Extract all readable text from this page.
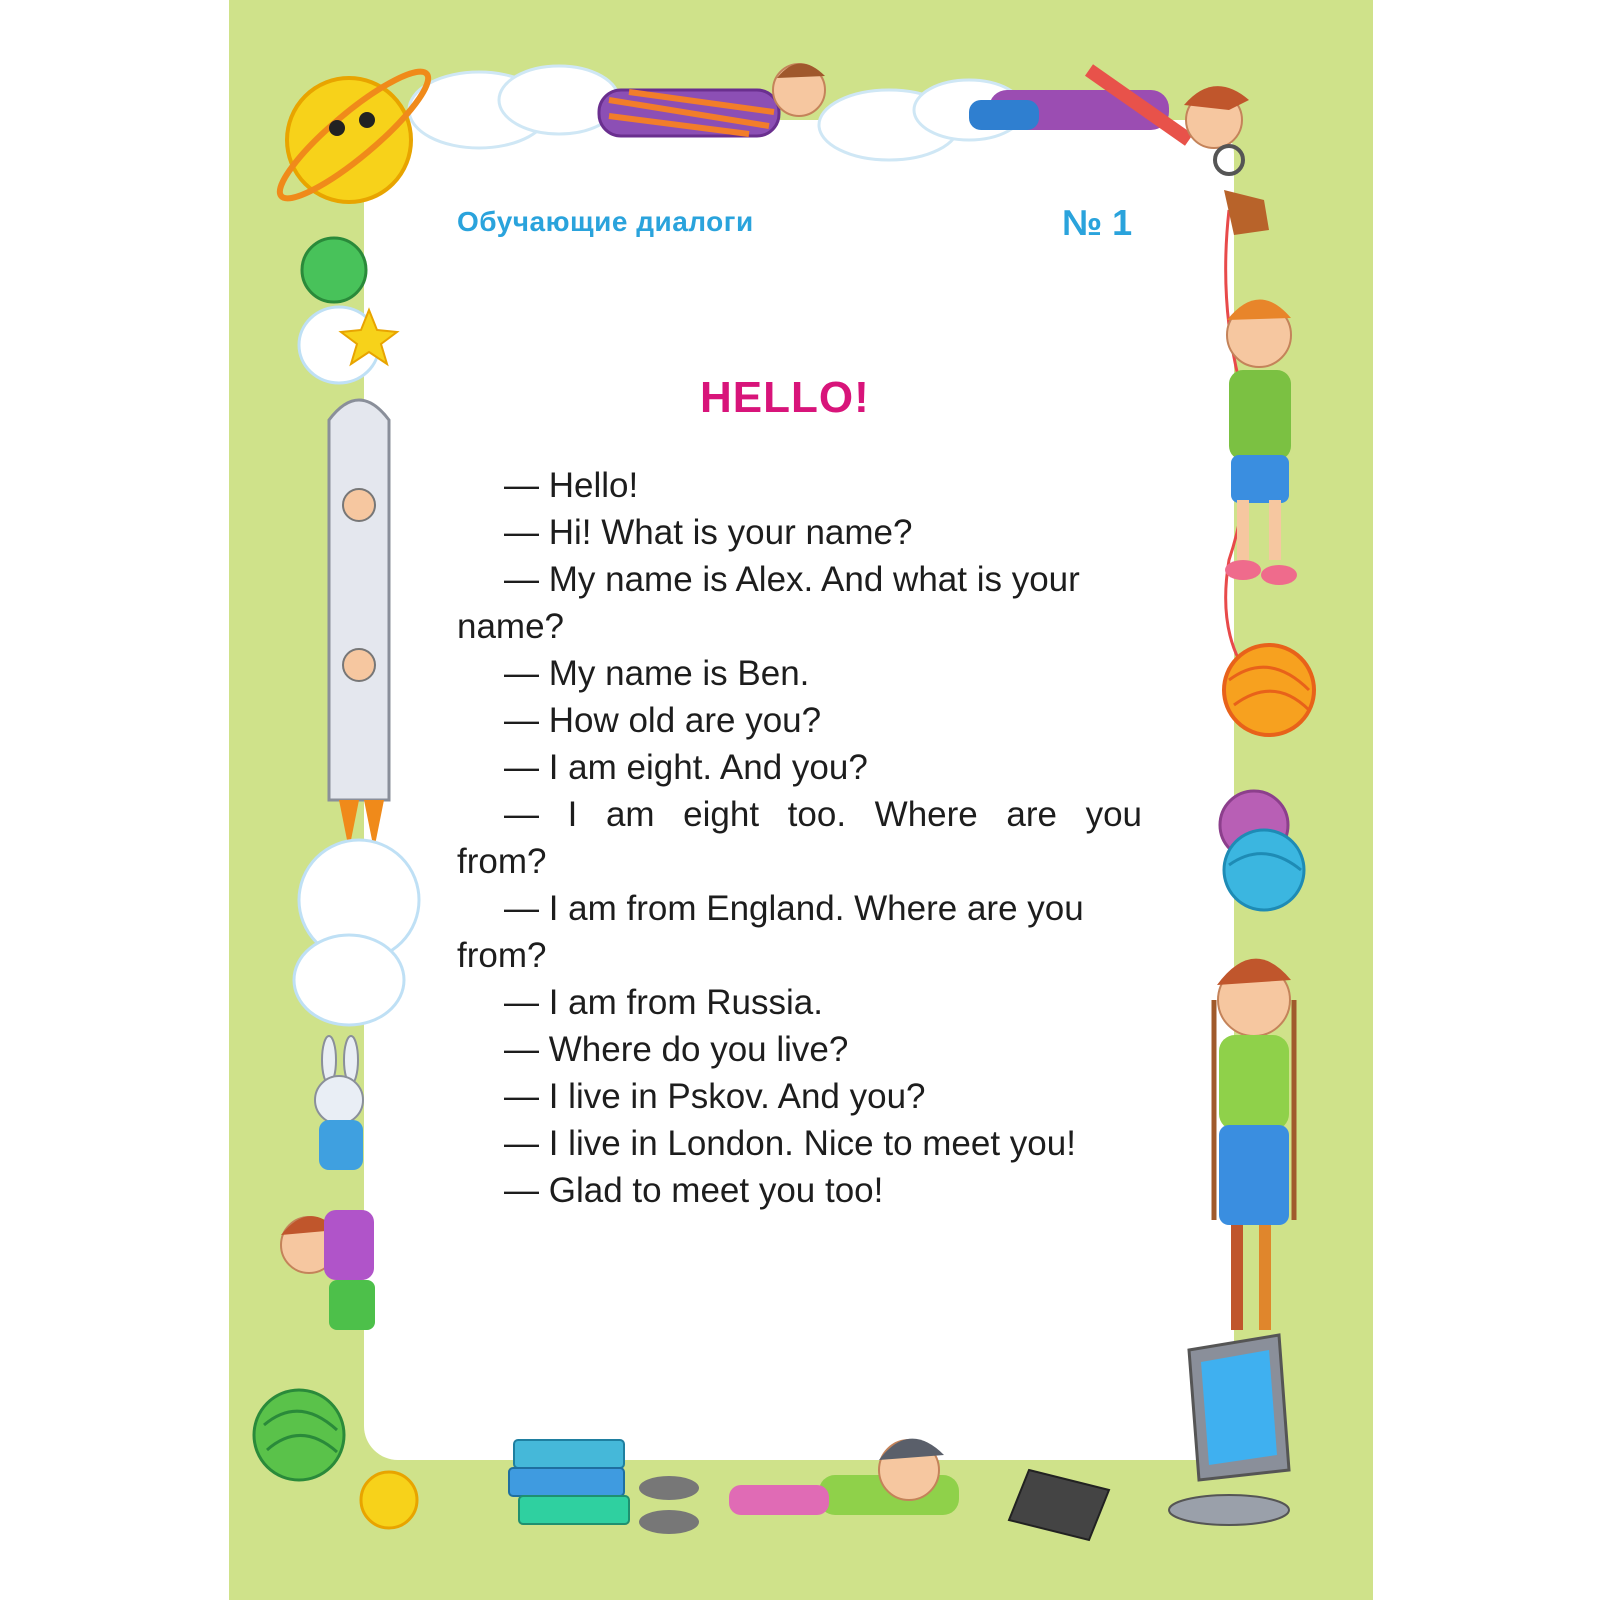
Обучающие диалоги	№ 1
HELLO!
— Hello!
— Hi! What is your name?
— My name is Alex. And what is your
name?
— My name is Ben.
— How old are you?
— I am eight. And you?
— I am eight too. Where are you
from?
— I am from England. Where are you
from?
— I am from Russia.
— Where do you live?
— I live in Pskov. And you?
— I live in London. Nice to meet you!
— Glad to meet you too!
